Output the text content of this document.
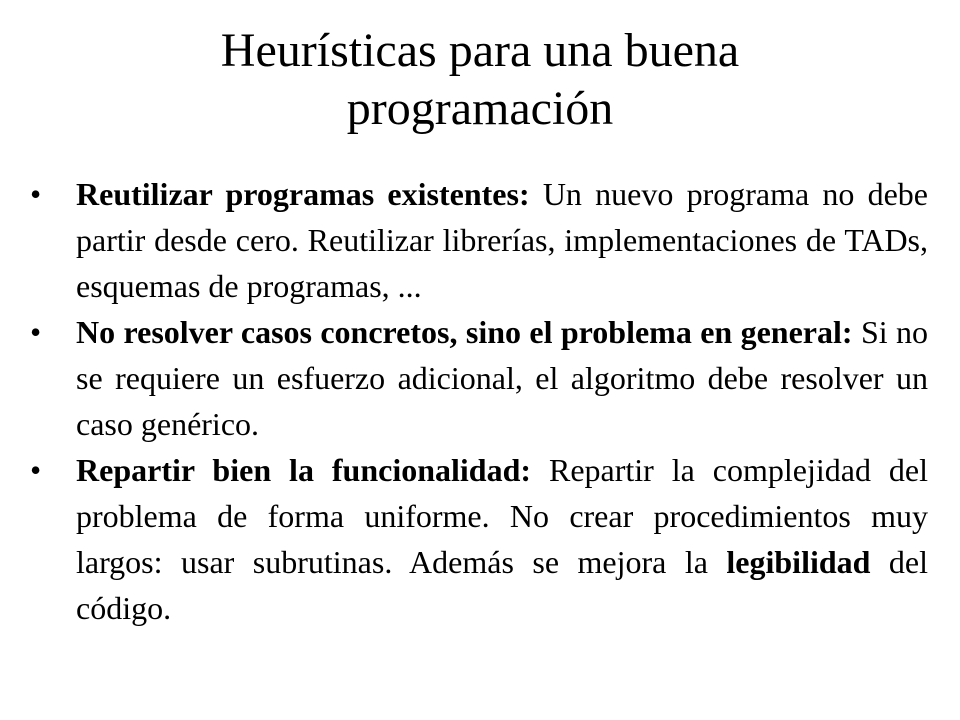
Heurísticas para una buena
programación
•	Reutilizar programas existentes: Un nuevo programa no debe partir desde cero. Reutilizar librerías, implementaciones de TADs, esquemas de programas, ...
•	No resolver casos concretos, sino el problema en general: Si no se requiere un esfuerzo adicional, el algoritmo debe resolver un caso genérico.
•	Repartir bien la funcionalidad: Repartir la complejidad del problema de forma uniforme. No crear procedimientos muy largos: usar subrutinas. Además se mejora la legibilidad del código.
